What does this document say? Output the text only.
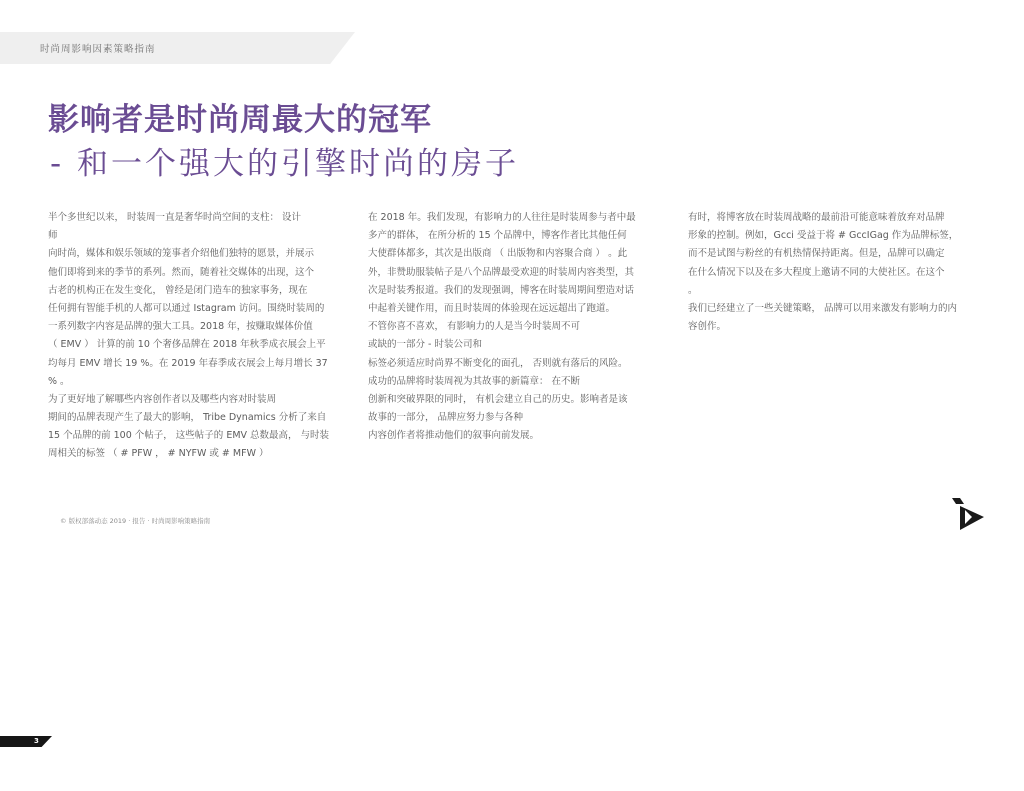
时尚周影响因素策略指南
影响者是时尚周最大的冠军
- 和一个强大的引擎时尚的房子
半个多世纪以来， 时装周一直是奢华时尚空间的支柱： 设计
师
向时尚，媒体和娱乐领域的笼事者介绍他们独特的愿景，并展示
他们即将到来的季节的系列。然而，随着社交媒体的出现，这个
古老的机构正在发生变化， 曾经是闭门造车的独家事务，现在
任何拥有智能手机的人都可以通过 Istagram 访问。围绕时装周的
一系列数字内容是品牌的强大工具。2018 年，按赚取媒体价值
（ EMV ） 计算的前 10 个奢侈品牌在 2018 年秋季成衣展会上平
均每月 EMV 增长 19 %。在 2019 年春季成衣展会上每月增长 37
% 。
为了更好地了解哪些内容创作者以及哪些内容对时装周
期间的品牌表现产生了最大的影响， Tribe Dynamics 分析了来自
15 个品牌的前 100 个帖子， 这些帖子的 EMV 总数最高， 与时装
周相关的标签 （ # PFW ， # NYFW 或 # MFW ）
在 2018 年。我们发现，有影响力的人往往是时装周参与者中最
多产的群体， 在所分析的 15 个品牌中，博客作者比其他任何
大使群体都多，其次是出版商 （ 出版物和内容聚合商 ） 。此
外，非赞助服装帖子是八个品牌最受欢迎的时装周内容类型，其
次是时装秀报道。我们的发现强调，博客在时装周期间塑造对话
中起着关键作用，而且时装周的体验现在远远超出了跑道。
不管你喜不喜欢， 有影响力的人是当今时装周不可
或缺的一部分 - 时装公司和
标签必须适应时尚界不断变化的面孔， 否则就有落后的风险。
成功的品牌将时装周视为其故事的新篇章： 在不断
创新和突破界限的同时， 有机会建立自己的历史。影响者是该
故事的一部分， 品牌应努力参与各种
内容创作者将推动他们的叙事向前发展。
有时，将博客放在时装周战略的最前沿可能意味着放弃对品牌
形象的控制。例如，Gcci 受益于将 # GccIGag 作为品牌标签，
而不是试图与粉丝的有机热情保持距离。但是，品牌可以确定
在什么情况下以及在多大程度上邀请不同的大使社区。在这个
。
我们已经建立了一些关键策略， 品牌可以用来激发有影响力的内
容创作。
© 版权部落动态 2019 · 报告 · 时尚周影响策略指南
3
